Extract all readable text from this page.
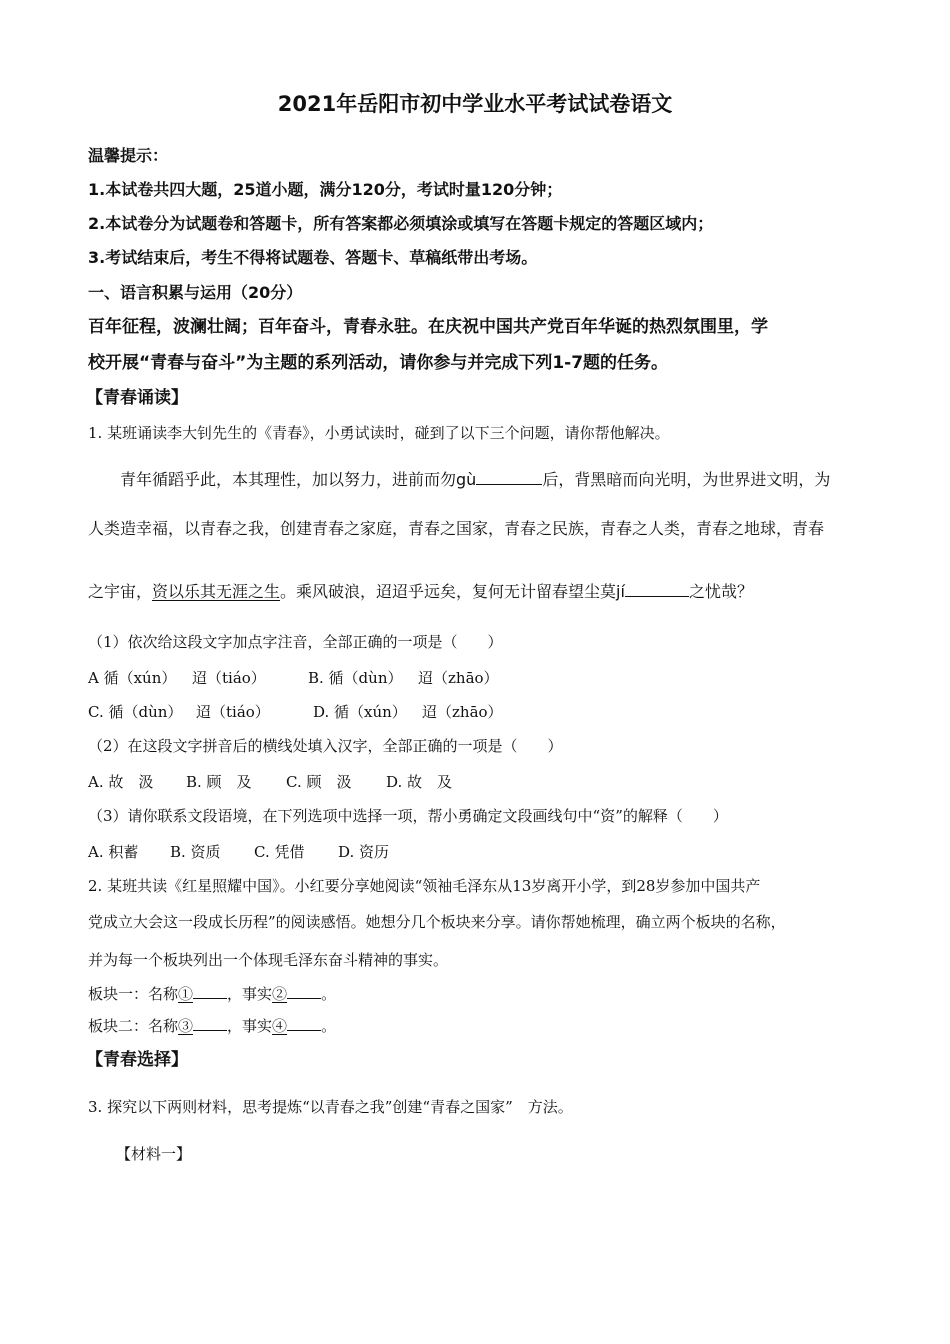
2021年岳阳市初中学业水平考试试卷语文
温馨提示：
1.本试卷共四大题，25道小题，满分120分，考试时量120分钟；
2.本试卷分为试题卷和答题卡，所有答案都必须填涂或填写在答题卡规定的答题区域内；
3.考试结束后，考生不得将试题卷、答题卡、草稿纸带出考场。
一、语言积累与运用（20分）
百年征程，波澜壮阔；百年奋斗，青春永驻。在庆祝中国共产党百年华诞的热烈氛围里，学
校开展“青春与奋斗”为主题的系列活动，请你参与并完成下列1-7题的任务。
【青春诵读】
1. 某班诵读李大钊先生的《青春》，小勇试读时，碰到了以下三个问题，请你帮他解决。
青年循蹈乎此，本其理性，加以努力，进前而勿gù	后，背黑暗而向光明，为世界进文明，为
人类造幸福，以青春之我，创建青春之家庭，青春之国家，青春之民族，青春之人类，青春之地球，青春
之宇宙，资以乐其无涯之生。乘风破浪，迢迢乎远矣，复何无计留春望尘莫jí	之忧哉？
（1）依次给这段文字加点字注音，全部正确的一项是（　　）
A 循（xún） 迢（tiáo）	B. 循（dùn） 迢（zhāo）
C. 循（dùn） 迢（tiáo）	D. 循（xún） 迢（zhāo）
（2）在这段文字拼音后的横线处填入汉字，全部正确的一项是（　　）
A. 故　汲 B. 顾　及 C. 顾　汲 D. 故　及
（3）请你联系文段语境，在下列选项中选择一项，帮小勇确定文段画线句中“资”的解释（　　）
A. 积蓄 B. 资质 C. 凭借 D. 资历
2. 某班共读《红星照耀中国》。小红要分享她阅读“领袖毛泽东从13岁离开小学，到28岁参加中国共产
党成立大会这一段成长历程”的阅读感悟。她想分几个板块来分享。请你帮她梳理，确立两个板块的名称，
并为每一个板块列出一个体现毛泽东奋斗精神的事实。
板块一：名称① ，事实② 。
板块二：名称③ ，事实④ 。
【青春选择】
3. 探究以下两则材料，思考提炼“以青春之我”创建“青春之国家”　方法。
【材料一】
